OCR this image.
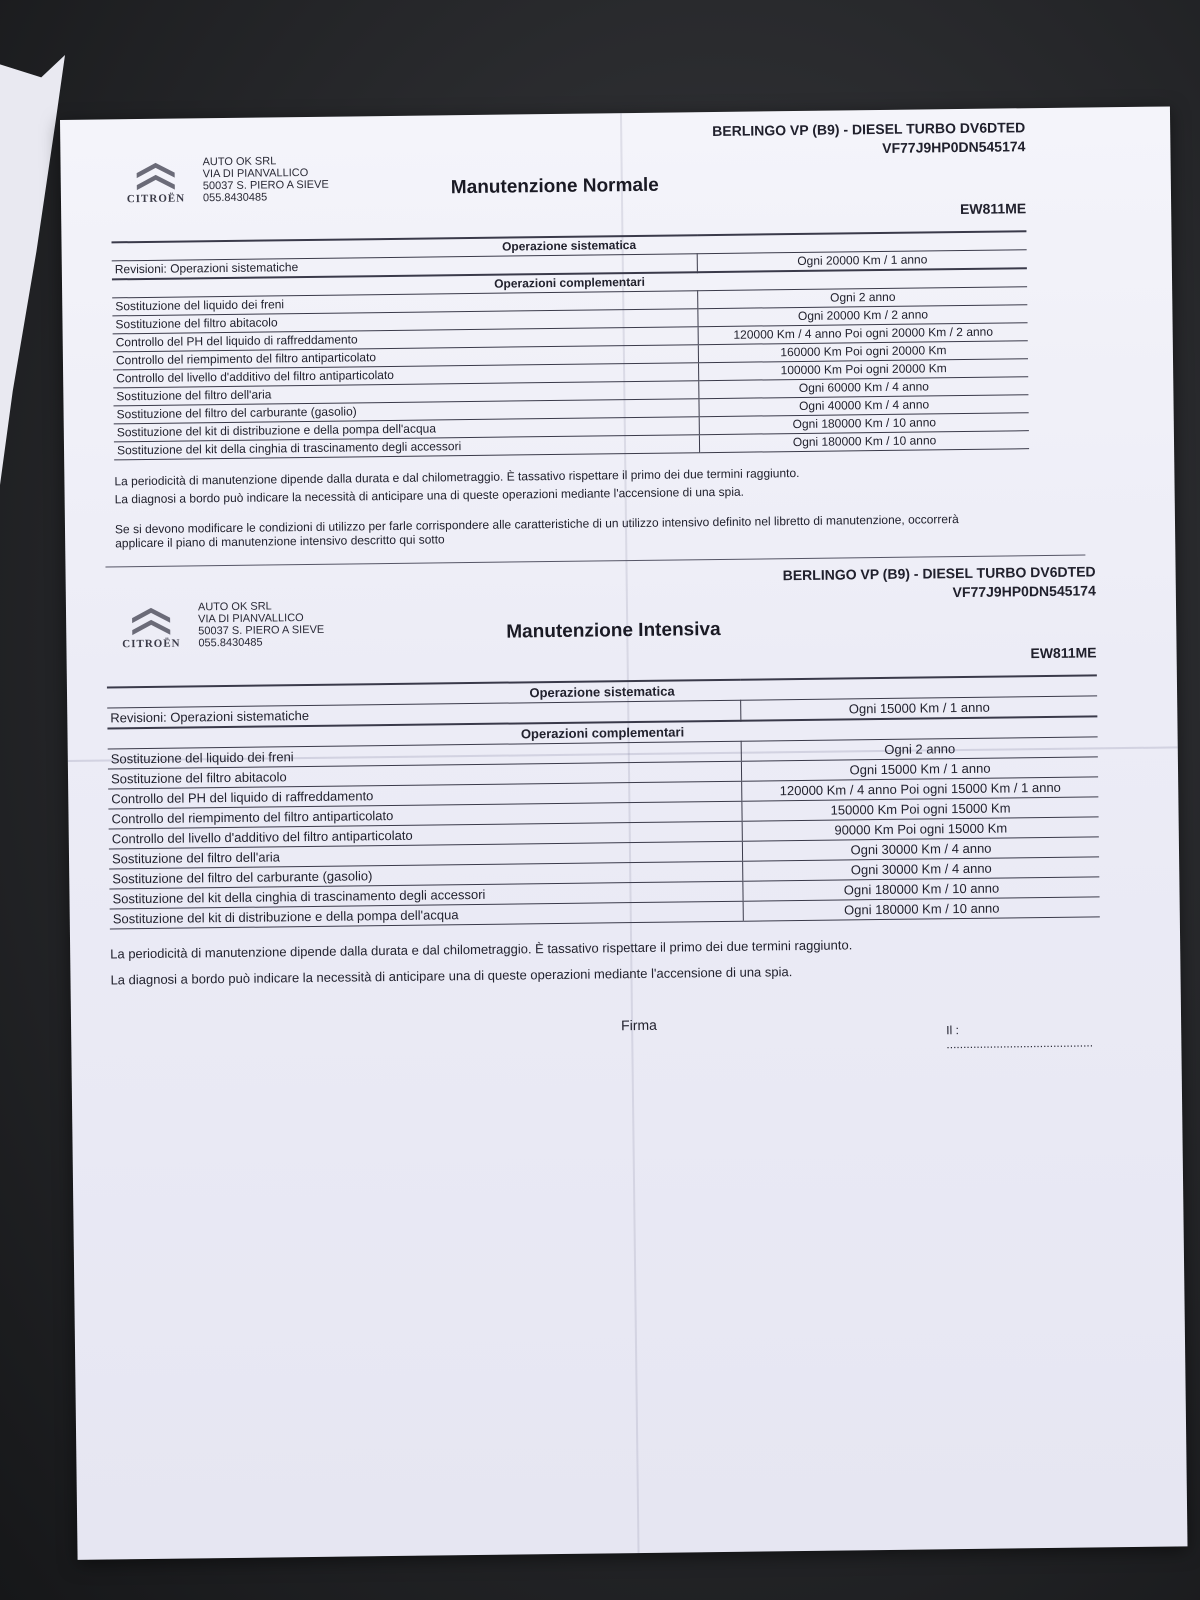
CITROËN
AUTO OK SRL
VIA DI PIANVALLICO
50037 S. PIERO A SIEVE
055.8430485	Manutenzione Normale
BERLINGO VP (B9) - DIESEL TURBO DV6DTED
VF77J9HP0DN545174
EW811ME
Operazione sistematica	
Revisioni: Operazioni sistematiche	Ogni 20000 Km / 1 anno
Operazioni complementari	
Sostituzione del liquido dei freni	Ogni 2 anno
Sostituzione del filtro abitacolo	Ogni 20000 Km / 2 anno
Controllo del PH del liquido di raffreddamento	120000 Km / 4 anno Poi ogni 20000 Km / 2 anno
Controllo del riempimento del filtro antiparticolato	160000 Km Poi ogni 20000 Km
Controllo del livello d'additivo del filtro antiparticolato	100000 Km Poi ogni 20000 Km
Sostituzione del filtro dell'aria	Ogni 60000 Km / 4 anno
Sostituzione del filtro del carburante (gasolio)	Ogni 40000 Km / 4 anno
Sostituzione del kit di distribuzione e della pompa dell'acqua	Ogni 180000 Km / 10 anno
Sostituzione del kit della cinghia di trascinamento degli accessori	Ogni 180000 Km / 10 anno

La periodicità di manutenzione dipende dalla durata e dal chilometraggio. È tassativo rispettare il primo dei due termini raggiunto.

La diagnosi a bordo può indicare la necessità di anticipare una di queste operazioni mediante l'accensione di una spia.

Se si devono modificare le condizioni di utilizzo per farle corrispondere alle caratteristiche di un utilizzo intensivo definito nel libretto di manutenzione, occorrerà applicare il piano di manutenzione intensivo descritto qui sotto
CITROËN
AUTO OK SRL
VIA DI PIANVALLICO
50037 S. PIERO A SIEVE
055.8430485
Manutenzione Intensiva
BERLINGO VP (B9) - DIESEL TURBO DV6DTED
VF77J9HP0DN545174
EW811ME
Operazione sistematica	
Revisioni: Operazioni sistematiche	Ogni 15000 Km / 1 anno
Operazioni complementari	
Sostituzione del liquido dei freni	Ogni 2 anno
Sostituzione del filtro abitacolo	Ogni 15000 Km / 1 anno
Controllo del PH del liquido di raffreddamento	120000 Km / 4 anno Poi ogni 15000 Km / 1 anno
Controllo del riempimento del filtro antiparticolato	150000 Km Poi ogni 15000 Km
Controllo del livello d'additivo del filtro antiparticolato	90000 Km Poi ogni 15000 Km
Sostituzione del filtro dell'aria	Ogni 30000 Km / 4 anno
Sostituzione del filtro del carburante (gasolio)	Ogni 30000 Km / 4 anno
Sostituzione del kit della cinghia di trascinamento degli accessori	Ogni 180000 Km / 10 anno
Sostituzione del kit di distribuzione e della pompa dell'acqua	Ogni 180000 Km / 10 anno

La periodicità di manutenzione dipende dalla durata e dal chilometraggio. È tassativo rispettare il primo dei due termini raggiunto.

La diagnosi a bordo può indicare la necessità di anticipare una di queste operazioni mediante l'accensione di una spia.

Firma	Il : ............................................
